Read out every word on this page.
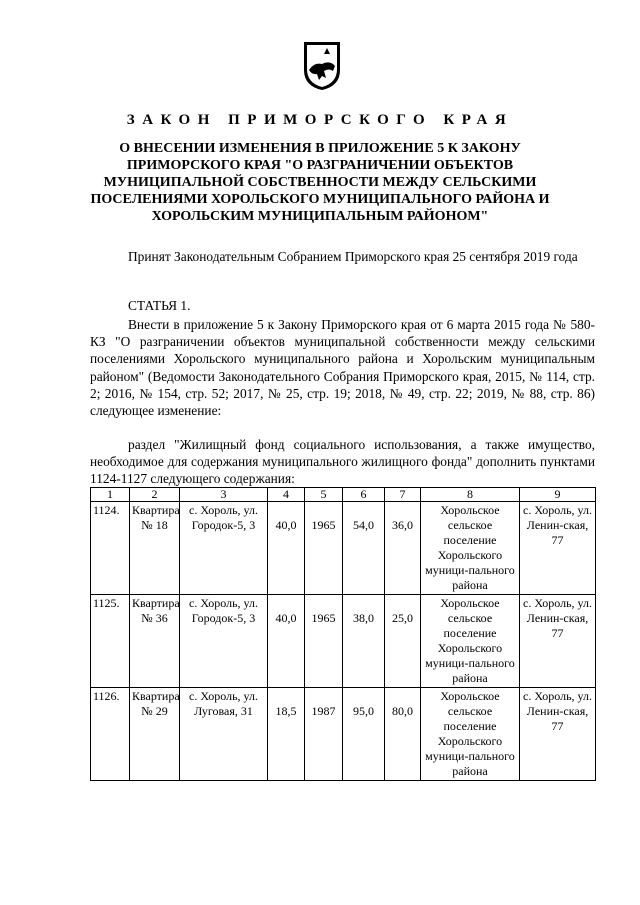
ЗАКОН ПРИМОРСКОГО КРАЯ
О ВНЕСЕНИИ ИЗМЕНЕНИЯ В ПРИЛОЖЕНИЕ 5 К ЗАКОНУ ПРИМОРСКОГО КРАЯ "О РАЗГРАНИЧЕНИИ ОБЪЕКТОВ МУНИЦИПАЛЬНОЙ СОБСТВЕННОСТИ МЕЖДУ СЕЛЬСКИМИ ПОСЕЛЕНИЯМИ ХОРОЛЬСКОГО МУНИЦИПАЛЬНОГО РАЙОНА И ХОРОЛЬСКИМ МУНИЦИПАЛЬНЫМ РАЙОНОМ"
Принят Законодательным Собранием Приморского края 25 сентября 2019 года
СТАТЬЯ 1.
Внести в приложение 5 к Закону Приморского края от 6 марта 2015 года № 580-КЗ "О разграничении объектов муниципальной собственности между сельскими поселениями Хорольского муниципального района и Хорольским муниципальным районом" (Ведомости Законодательного Собрания Приморского края, 2015, № 114, стр. 2; 2016, № 154, стр. 52; 2017, № 25, стр. 19; 2018, № 49, стр. 22; 2019, № 88, стр. 86) следующее изменение:
раздел "Жилищный фонд социального использования, а также имущество, необходимое для содержания муниципального жилищного фонда" дополнить пунктами 1124-1127 следующего содержания:
1	2	3	4	5	6	7	8	9
1124.	Квартира № 18	с. Хороль, ул. Городок-5, 3	40,0	1965	54,0	36,0	Хорольское сельское поселение Хорольского муници-пального района	с. Хороль, ул. Ленин-ская, 77
1125.	Квартира № 36	с. Хороль, ул. Городок-5, 3	40,0	1965	38,0	25,0	Хорольское сельское поселение Хорольского муници-пального района	с. Хороль, ул. Ленин-ская, 77
1126.	Квартира № 29	с. Хороль, ул. Луговая, 31	18,5	1987	95,0	80,0	Хорольское сельское поселение Хорольского муници-пального района	с. Хороль, ул. Ленин-ская, 77
